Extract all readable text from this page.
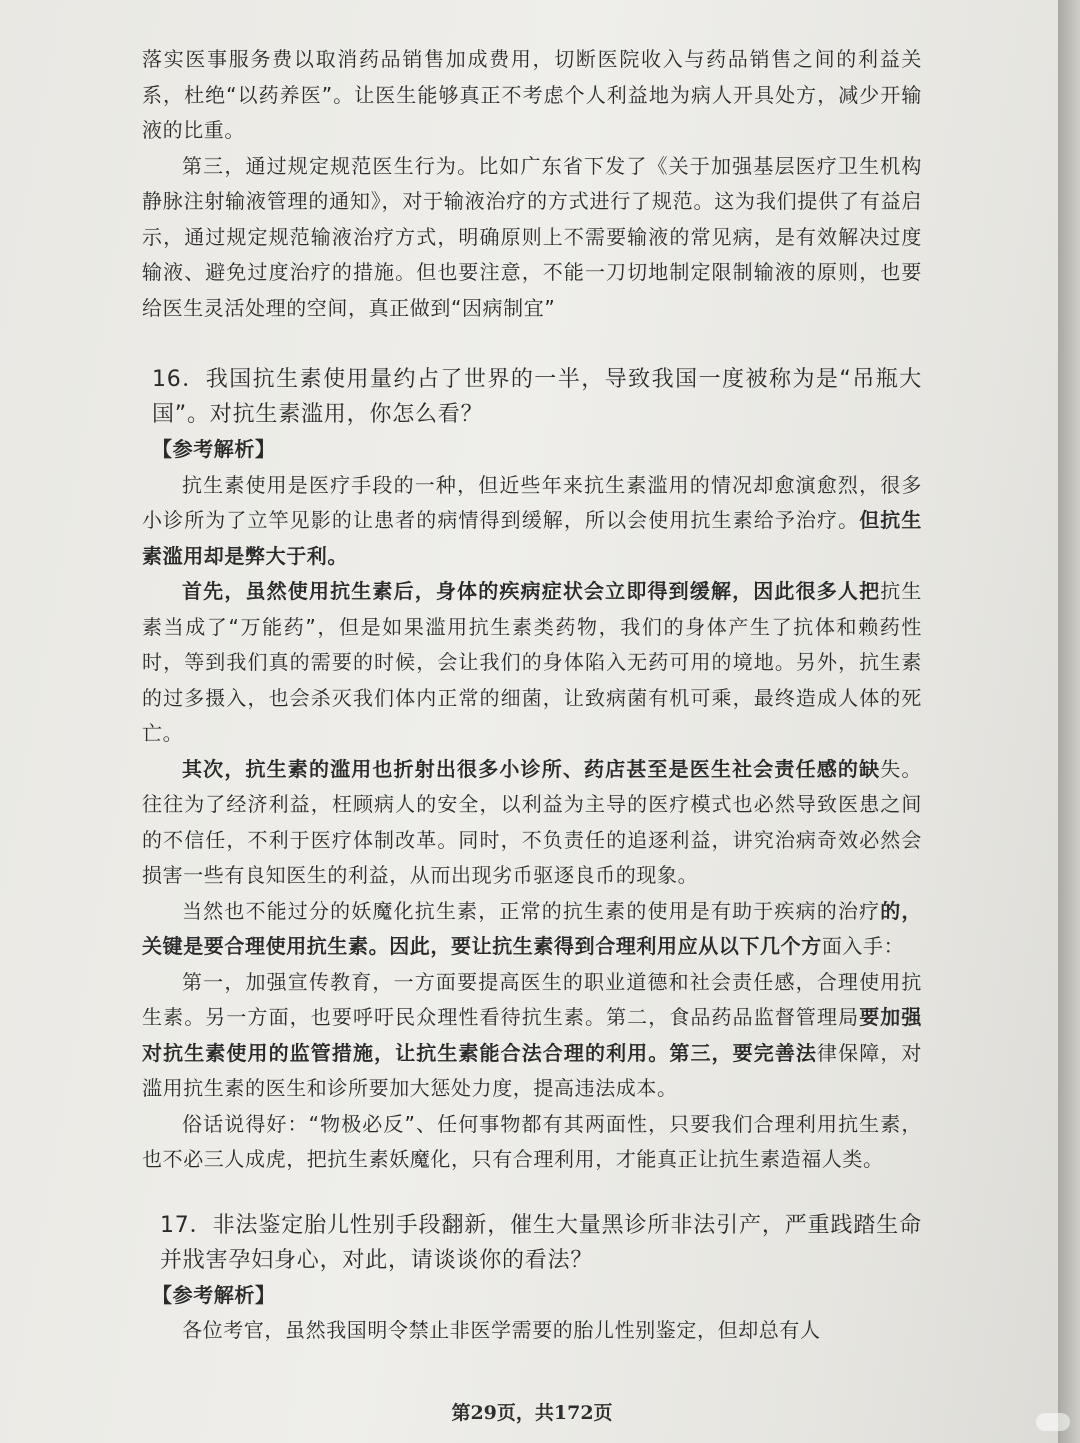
落实医事服务费以取消药品销售加成费用，切断医院收入与药品销售之间的利益关系，杜绝“以药养医”。让医生能够真正不考虑个人利益地为病人开具处方，减少开输液的比重。

第三，通过规定规范医生行为。比如广东省下发了《关于加强基层医疗卫生机构静脉注射输液管理的通知》，对于输液治疗的方式进行了规范。这为我们提供了有益启示，通过规定规范输液治疗方式，明确原则上不需要输液的常见病，是有效解决过度输液、避免过度治疗的措施。但也要注意，不能一刀切地制定限制输液的原则，也要给医生灵活处理的空间，真正做到“因病制宜”

16．我国抗生素使用量约占了世界的一半，导致我国一度被称为是“吊瓶大国”。对抗生素滥用，你怎么看？

【参考解析】

抗生素使用是医疗手段的一种，但近些年来抗生素滥用的情况却愈演愈烈，很多小诊所为了立竿见影的让患者的病情得到缓解，所以会使用抗生素给予治疗。但抗生素滥用却是弊大于利。

首先，虽然使用抗生素后，身体的疾病症状会立即得到缓解，因此很多人把抗生素当成了“万能药”，但是如果滥用抗生素类药物，我们的身体产生了抗体和赖药性时，等到我们真的需要的时候，会让我们的身体陷入无药可用的境地。另外，抗生素的过多摄入，也会杀灭我们体内正常的细菌，让致病菌有机可乘，最终造成人体的死亡。

其次，抗生素的滥用也折射出很多小诊所、药店甚至是医生社会责任感的缺失。往往为了经济利益，枉顾病人的安全，以利益为主导的医疗模式也必然导致医患之间的不信任，不利于医疗体制改革。同时，不负责任的追逐利益，讲究治病奇效必然会损害一些有良知医生的利益，从而出现劣币驱逐良币的现象。

当然也不能过分的妖魔化抗生素，正常的抗生素的使用是有助于疾病的治疗的，关键是要合理使用抗生素。因此，要让抗生素得到合理利用应从以下几个方面入手：

第一，加强宣传教育，一方面要提高医生的职业道德和社会责任感，合理使用抗生素。另一方面，也要呼吁民众理性看待抗生素。第二，食品药品监督管理局要加强对抗生素使用的监管措施，让抗生素能合法合理的利用。第三，要完善法律保障，对滥用抗生素的医生和诊所要加大惩处力度，提高违法成本。

俗话说得好：“物极必反”、任何事物都有其两面性，只要我们合理利用抗生素，也不必三人成虎，把抗生素妖魔化，只有合理利用，才能真正让抗生素造福人类。

17．非法鉴定胎儿性别手段翻新，催生大量黑诊所非法引产，严重践踏生命并戕害孕妇身心，对此，请谈谈你的看法？

【参考解析】

各位考官，虽然我国明令禁止非医学需要的胎儿性别鉴定，但却总有人

第29页，共172页
